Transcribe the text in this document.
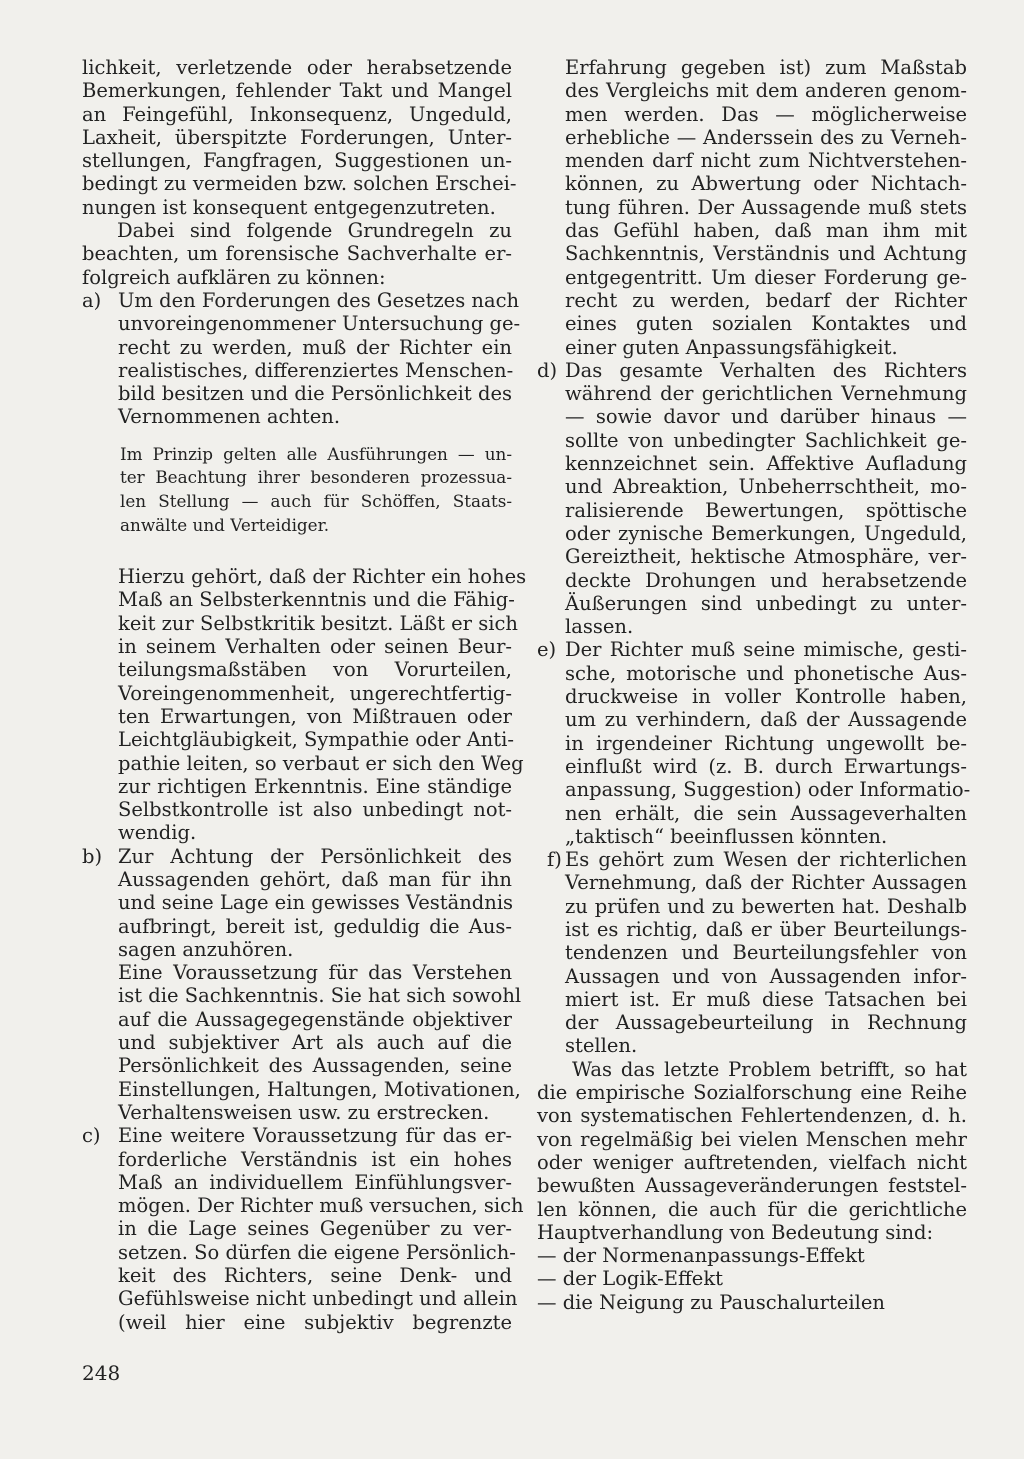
lichkeit, verletzende oder herabsetzende
Bemerkungen, fehlender Takt und Mangel
an Feingefühl, Inkonsequenz, Ungeduld,
Laxheit, überspitzte Forderungen, Unter-
stellungen, Fangfragen, Suggestionen un-
bedingt zu vermeiden bzw. solchen Erschei-
nungen ist konsequent entgegenzutreten.
Dabei sind folgende Grundregeln zu
beachten, um forensische Sachverhalte er-
folgreich aufklären zu können:
a) Um den Forderungen des Gesetzes nach
unvoreingenommener Untersuchung ge-
recht zu werden, muß der Richter ein
realistisches, differenziertes Menschen-
bild besitzen und die Persönlichkeit des
Vernommenen achten.
Im Prinzip gelten alle Ausführungen — un-
ter Beachtung ihrer besonderen prozessua-
len Stellung — auch für Schöffen, Staats-
anwälte und Verteidiger.
Hierzu gehört, daß der Richter ein hohes
Maß an Selbsterkenntnis und die Fähig-
keit zur Selbstkritik besitzt. Läßt er sich
in seinem Verhalten oder seinen Beur-
teilungsmaßstäben von Vorurteilen,
Voreingenommenheit, ungerechtfertig-
ten Erwartungen, von Mißtrauen oder
Leichtgläubigkeit, Sympathie oder Anti-
pathie leiten, so verbaut er sich den Weg
zur richtigen Erkenntnis. Eine ständige
Selbstkontrolle ist also unbedingt not-
wendig.
b) Zur Achtung der Persönlichkeit des
Aussagenden gehört, daß man für ihn
und seine Lage ein gewisses Veständnis
aufbringt, bereit ist, geduldig die Aus-
sagen anzuhören.
Eine Voraussetzung für das Verstehen
ist die Sachkenntnis. Sie hat sich sowohl
auf die Aussagegegenstände objektiver
und subjektiver Art als auch auf die
Persönlichkeit des Aussagenden, seine
Einstellungen, Haltungen, Motivationen,
Verhaltensweisen usw. zu erstrecken.
c) Eine weitere Voraussetzung für das er-
forderliche Verständnis ist ein hohes
Maß an individuellem Einfühlungsver-
mögen. Der Richter muß versuchen, sich
in die Lage seines Gegenüber zu ver-
setzen. So dürfen die eigene Persönlich-
keit des Richters, seine Denk- und
Gefühlsweise nicht unbedingt und allein
(weil hier eine subjektiv begrenzte
Erfahrung gegeben ist) zum Maßstab
des Vergleichs mit dem anderen genom-
men werden. Das — möglicherweise
erhebliche — Anderssein des zu Verneh-
menden darf nicht zum Nichtverstehen-
können, zu Abwertung oder Nichtach-
tung führen. Der Aussagende muß stets
das Gefühl haben, daß man ihm mit
Sachkenntnis, Verständnis und Achtung
entgegentritt. Um dieser Forderung ge-
recht zu werden, bedarf der Richter
eines guten sozialen Kontaktes und
einer guten Anpassungsfähigkeit.
d) Das gesamte Verhalten des Richters
während der gerichtlichen Vernehmung
— sowie davor und darüber hinaus —
sollte von unbedingter Sachlichkeit ge-
kennzeichnet sein. Affektive Aufladung
und Abreaktion, Unbeherrschtheit, mo-
ralisierende Bewertungen, spöttische
oder zynische Bemerkungen, Ungeduld,
Gereiztheit, hektische Atmosphäre, ver-
deckte Drohungen und herabsetzende
Äußerungen sind unbedingt zu unter-
lassen.
e) Der Richter muß seine mimische, gesti-
sche, motorische und phonetische Aus-
druckweise in voller Kontrolle haben,
um zu verhindern, daß der Aussagende
in irgendeiner Richtung ungewollt be-
einflußt wird (z. B. durch Erwartungs-
anpassung, Suggestion) oder Informatio-
nen erhält, die sein Aussageverhalten
„taktisch“ beeinflussen könnten.
f) Es gehört zum Wesen der richterlichen
Vernehmung, daß der Richter Aussagen
zu prüfen und zu bewerten hat. Deshalb
ist es richtig, daß er über Beurteilungs-
tendenzen und Beurteilungsfehler von
Aussagen und von Aussagenden infor-
miert ist. Er muß diese Tatsachen bei
der Aussagebeurteilung in Rechnung
stellen.
Was das letzte Problem betrifft, so hat
die empirische Sozialforschung eine Reihe
von systematischen Fehlertendenzen, d. h.
von regelmäßig bei vielen Menschen mehr
oder weniger auftretenden, vielfach nicht
bewußten Aussageveränderungen feststel-
len können, die auch für die gerichtliche
Hauptverhandlung von Bedeutung sind:
— der Normenanpassungs-Effekt
— der Logik-Effekt
— die Neigung zu Pauschalurteilen
248
